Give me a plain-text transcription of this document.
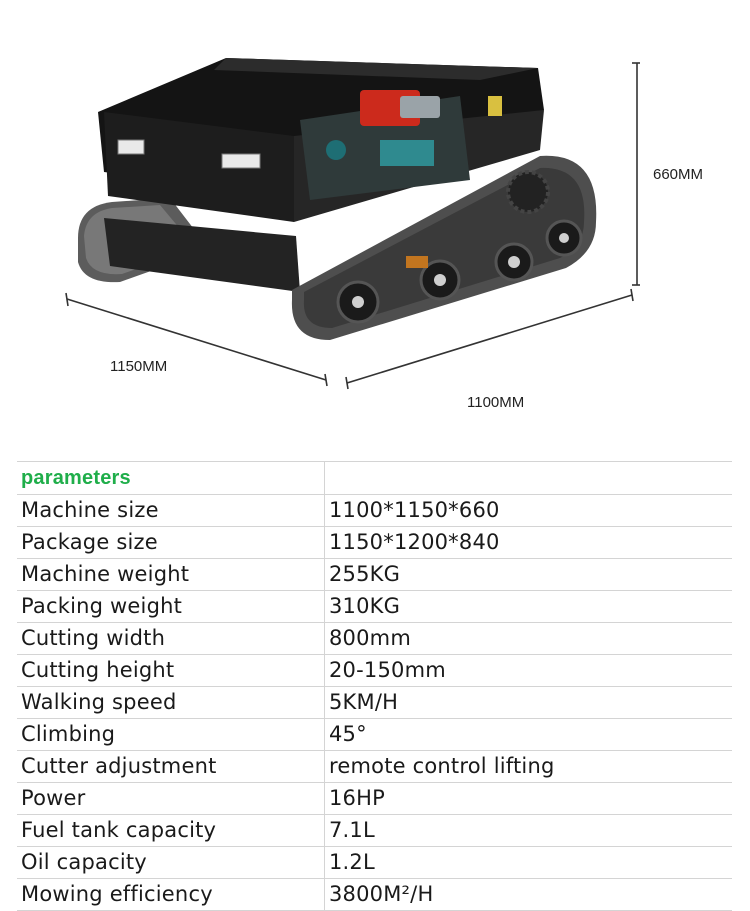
660MM
1150MM
1100MM
parameters	
Machine size	1100*1150*660
Package size	1150*1200*840
Machine weight	255KG
Packing weight	310KG
Cutting width	800mm
Cutting height	20-150mm
Walking speed	5KM/H
Climbing	45°
Cutter adjustment	remote control lifting
Power	16HP
Fuel tank capacity	7.1L
Oil capacity	1.2L
Mowing efficiency	3800M²/H
